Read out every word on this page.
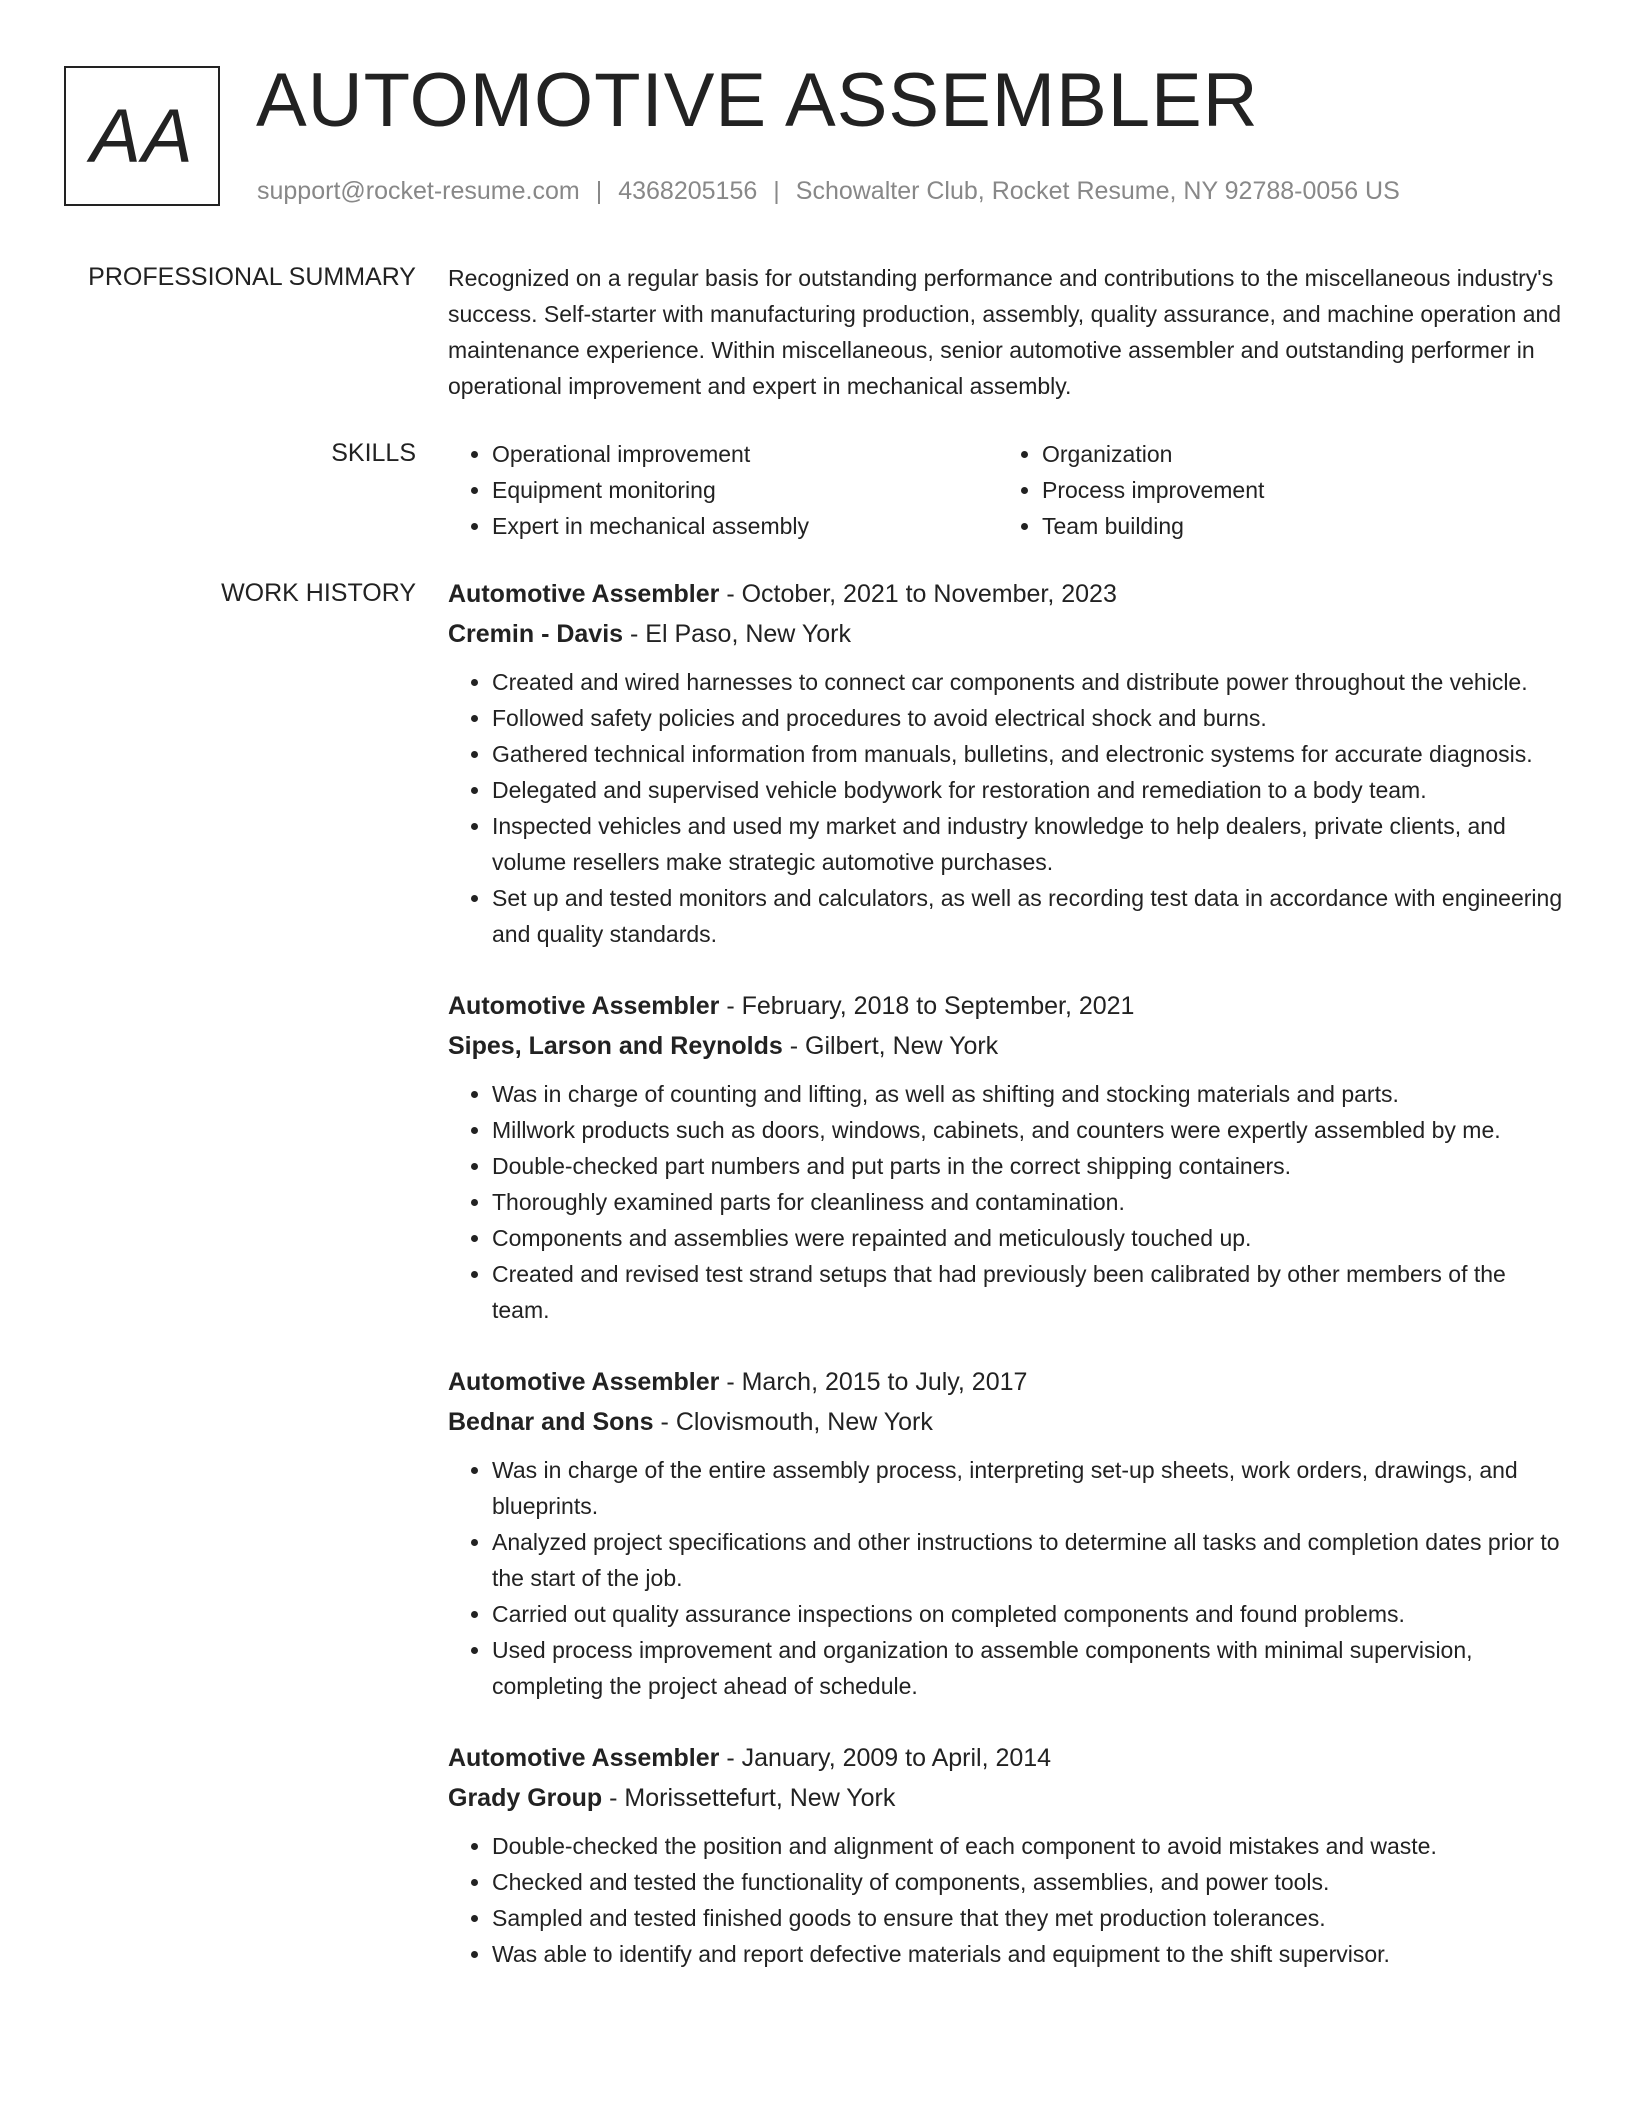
AA AUTOMOTIVE ASSEMBLER
support@rocket-resume.com | 4368205156 | Schowalter Club, Rocket Resume, NY 92788-0056 US
PROFESSIONAL SUMMARY Recognized on a regular basis for outstanding performance and contributions to the miscellaneous industry's success. Self-starter with manufacturing production, assembly, quality assurance, and machine operation and maintenance experience. Within miscellaneous, senior automotive assembler and outstanding performer in operational improvement and expert in mechanical assembly.

SKILLS
•	Operational improvement
• Equipment monitoring
• Expert in mechanical assembly
• Organization
• Process improvement
• Team building
WORK HISTORY Automotive Assembler - October, 2021 to November, 2023
Cremin - Davis - El Paso, New York
• Created and wired harnesses to connect car components and distribute power throughout the vehicle.
• Followed safety policies and procedures to avoid electrical shock and burns.
• Gathered technical information from manuals, bulletins, and electronic systems for accurate diagnosis.
• Delegated and supervised vehicle bodywork for restoration and remediation to a body team.
• Inspected vehicles and used my market and industry knowledge to help dealers, private clients, and volume resellers make strategic automotive purchases.
• Set up and tested monitors and calculators, as well as recording test data in accordance with engineering and quality standards.
Automotive Assembler - February, 2018 to September, 2021
Sipes, Larson and Reynolds - Gilbert, New York
• Was in charge of counting and lifting, as well as shifting and stocking materials and parts.
• Millwork products such as doors, windows, cabinets, and counters were expertly assembled by me.
• Double-checked part numbers and put parts in the correct shipping containers.
• Thoroughly examined parts for cleanliness and contamination.
• Components and assemblies were repainted and meticulously touched up.
• Created and revised test strand setups that had previously been calibrated by other members of the team.
Automotive Assembler - March, 2015 to July, 2017
Bednar and Sons - Clovismouth, New York
• Was in charge of the entire assembly process, interpreting set-up sheets, work orders, drawings, and blueprints.
• Analyzed project specifications and other instructions to determine all tasks and completion dates prior to the start of the job.
• Carried out quality assurance inspections on completed components and found problems.
• Used process improvement and organization to assemble components with minimal supervision, completing the project ahead of schedule.
Automotive Assembler - January, 2009 to April, 2014
Grady Group - Morissettefurt, New York
• Double-checked the position and alignment of each component to avoid mistakes and waste.
• Checked and tested the functionality of components, assemblies, and power tools.
• Sampled and tested finished goods to ensure that they met production tolerances.
• Was able to identify and report defective materials and equipment to the shift supervisor.
